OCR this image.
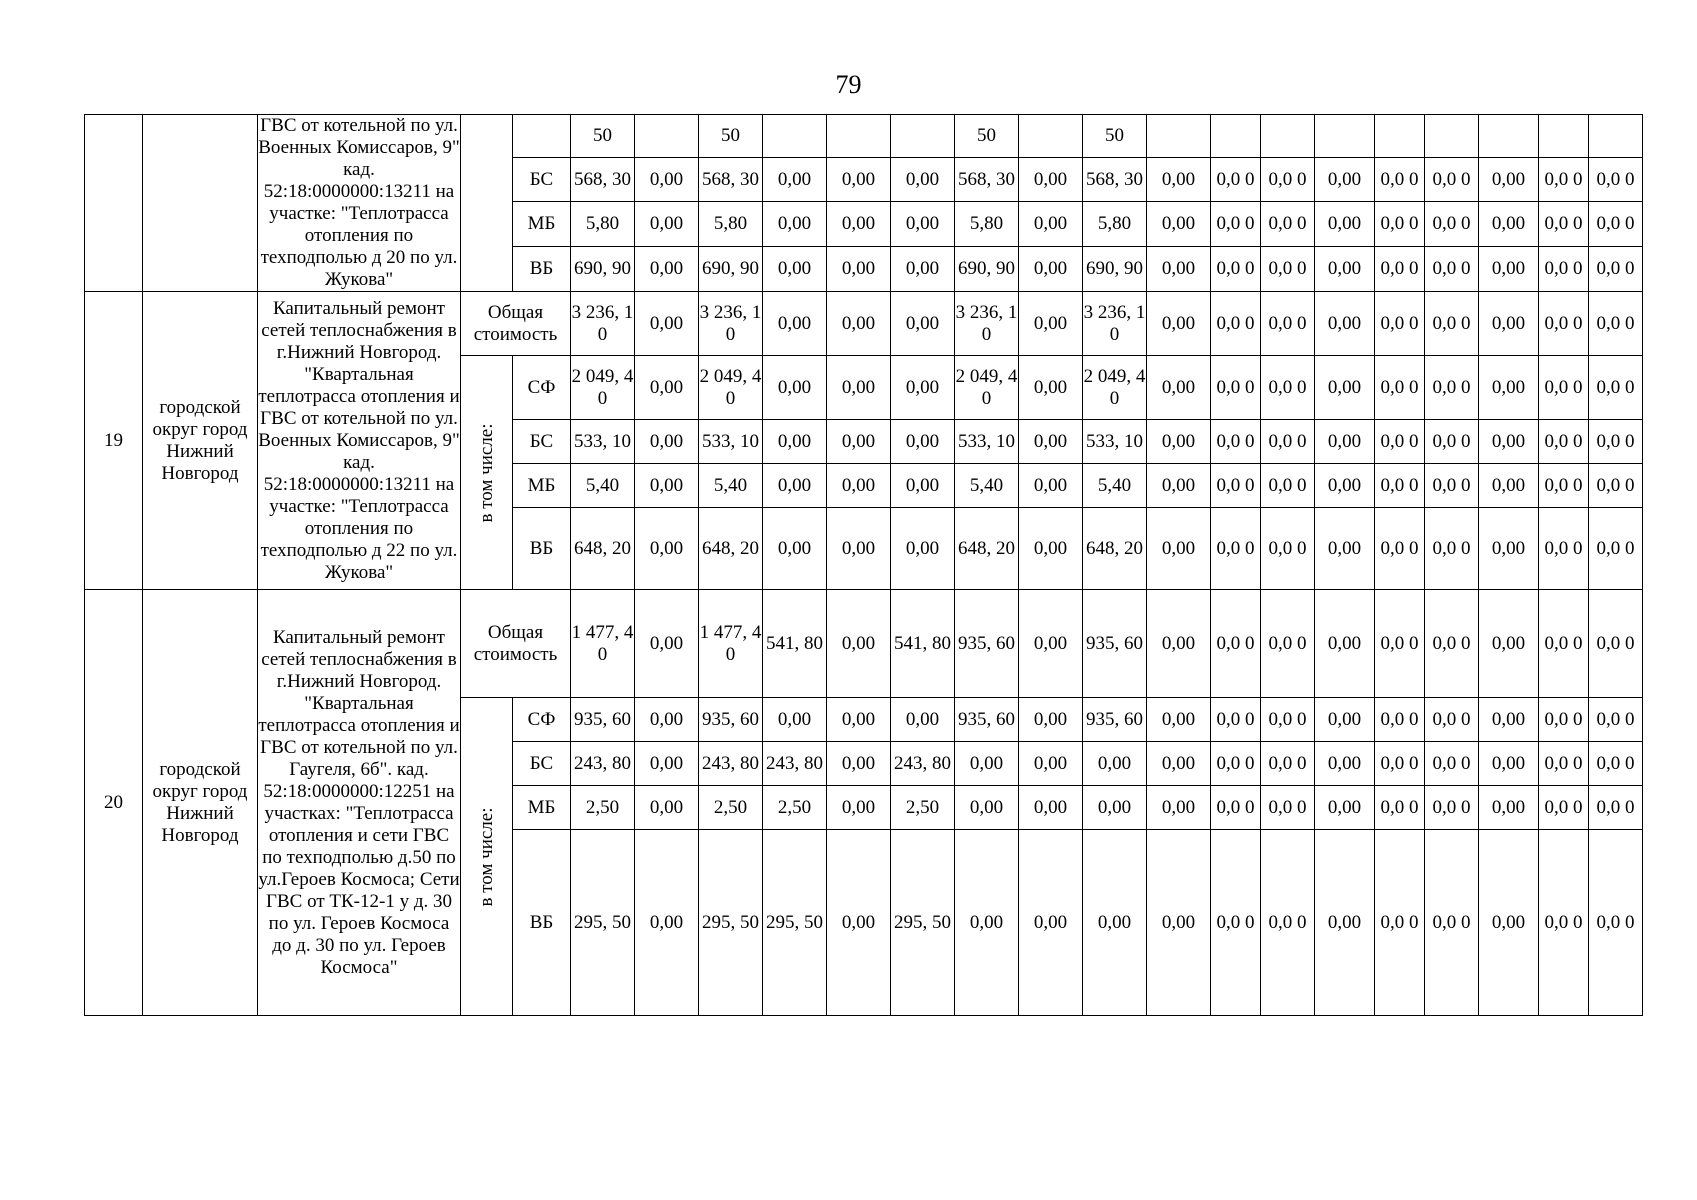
79
		ГВС от котельной по ул. Военных Комиссаров, 9" кад. 52:18:0000000:13211 на участке: "Теплотрасса отопления по техподполью д 20 по ул. Жукова"			50		50				50		50										
				БС	568, 30	0,00	568, 30	0,00	0,00	0,00	568, 30	0,00	568, 30	0,00	0,0 0	0,0 0	0,00	0,0 0	0,0 0	0,00	0,0 0	0,0 0	
				МБ	5,80	0,00	5,80	0,00	0,00	0,00	5,80	0,00	5,80	0,00	0,0 0	0,0 0	0,00	0,0 0	0,0 0	0,00	0,0 0	0,0 0	
				ВБ	690, 90	0,00	690, 90	0,00	0,00	0,00	690, 90	0,00	690, 90	0,00	0,0 0	0,0 0	0,00	0,0 0	0,0 0	0,00	0,0 0	0,0 0	
19	городской округ город Нижний Новгород	Капитальный ремонт сетей теплоснабжения в г.Нижний Новгород. "Квартальная теплотрасса отопления и ГВС от котельной по ул. Военных Комиссаров, 9" кад. 52:18:0000000:13211 на участке: "Теплотрасса отопления по техподполью д 22 по ул. Жукова"	Общая стоимость		3 236, 10	0,00	3 236, 10	0,00	0,00	0,00	3 236, 10	0,00	3 236, 10	0,00	0,0 0	0,0 0	0,00	0,0 0	0,0 0	0,00	0,0 0	0,0 0	

			в том числе:	СФ	2 049, 40	0,00	2 049, 40	0,00	0,00	0,00	2 049, 40	0,00	2 049, 40	0,00	0,0 0	0,0 0	0,00	0,0 0	0,0 0	0,00	0,0 0	0,0 0	
				БС	533, 10	0,00	533, 10	0,00	0,00	0,00	533, 10	0,00	533, 10	0,00	0,0 0	0,0 0	0,00	0,0 0	0,0 0	0,00	0,0 0	0,0 0	
				МБ	5,40	0,00	5,40	0,00	0,00	0,00	5,40	0,00	5,40	0,00	0,0 0	0,0 0	0,00	0,0 0	0,0 0	0,00	0,0 0	0,0 0	
				ВБ	648, 20	0,00	648, 20	0,00	0,00	0,00	648, 20	0,00	648, 20	0,00	0,0 0	0,0 0	0,00	0,0 0	0,0 0	0,00	0,0 0	0,0 0	
20	городской округ город Нижний Новгород	Капитальный ремонт сетей теплоснабжения в г.Нижний Новгород. "Квартальная теплотрасса отопления и ГВС от котельной по ул. Гаугеля, 6б". кад. 52:18:0000000:12251 на участках: "Теплотрасса отопления и сети ГВС по техподполью д.50 по ул.Героев Космоса; Сети ГВС от ТК-12-1 у д. 30 по ул. Героев Космоса до д. 30 по ул. Героев Космоса"	Общая стоимость		1 477, 40	0,00	1 477, 40	541, 80	0,00	541, 80	935, 60	0,00	935, 60	0,00	0,0 0	0,0 0	0,00	0,0 0	0,0 0	0,00	0,0 0	0,0 0	

			в том числе:	СФ	935, 60	0,00	935, 60	0,00	0,00	0,00	935, 60	0,00	935, 60	0,00	0,0 0	0,0 0	0,00	0,0 0	0,0 0	0,00	0,0 0	0,0 0	
				БС	243, 80	0,00	243, 80	243, 80	0,00	243, 80	0,00	0,00	0,00	0,00	0,0 0	0,0 0	0,00	0,0 0	0,0 0	0,00	0,0 0	0,0 0	
				МБ	2,50	0,00	2,50	2,50	0,00	2,50	0,00	0,00	0,00	0,00	0,0 0	0,0 0	0,00	0,0 0	0,0 0	0,00	0,0 0	0,0 0	
				ВБ	295, 50	0,00	295, 50	295, 50	0,00	295, 50	0,00	0,00	0,00	0,00	0,0 0	0,0 0	0,00	0,0 0	0,0 0	0,00	0,0 0	0,0 0	
